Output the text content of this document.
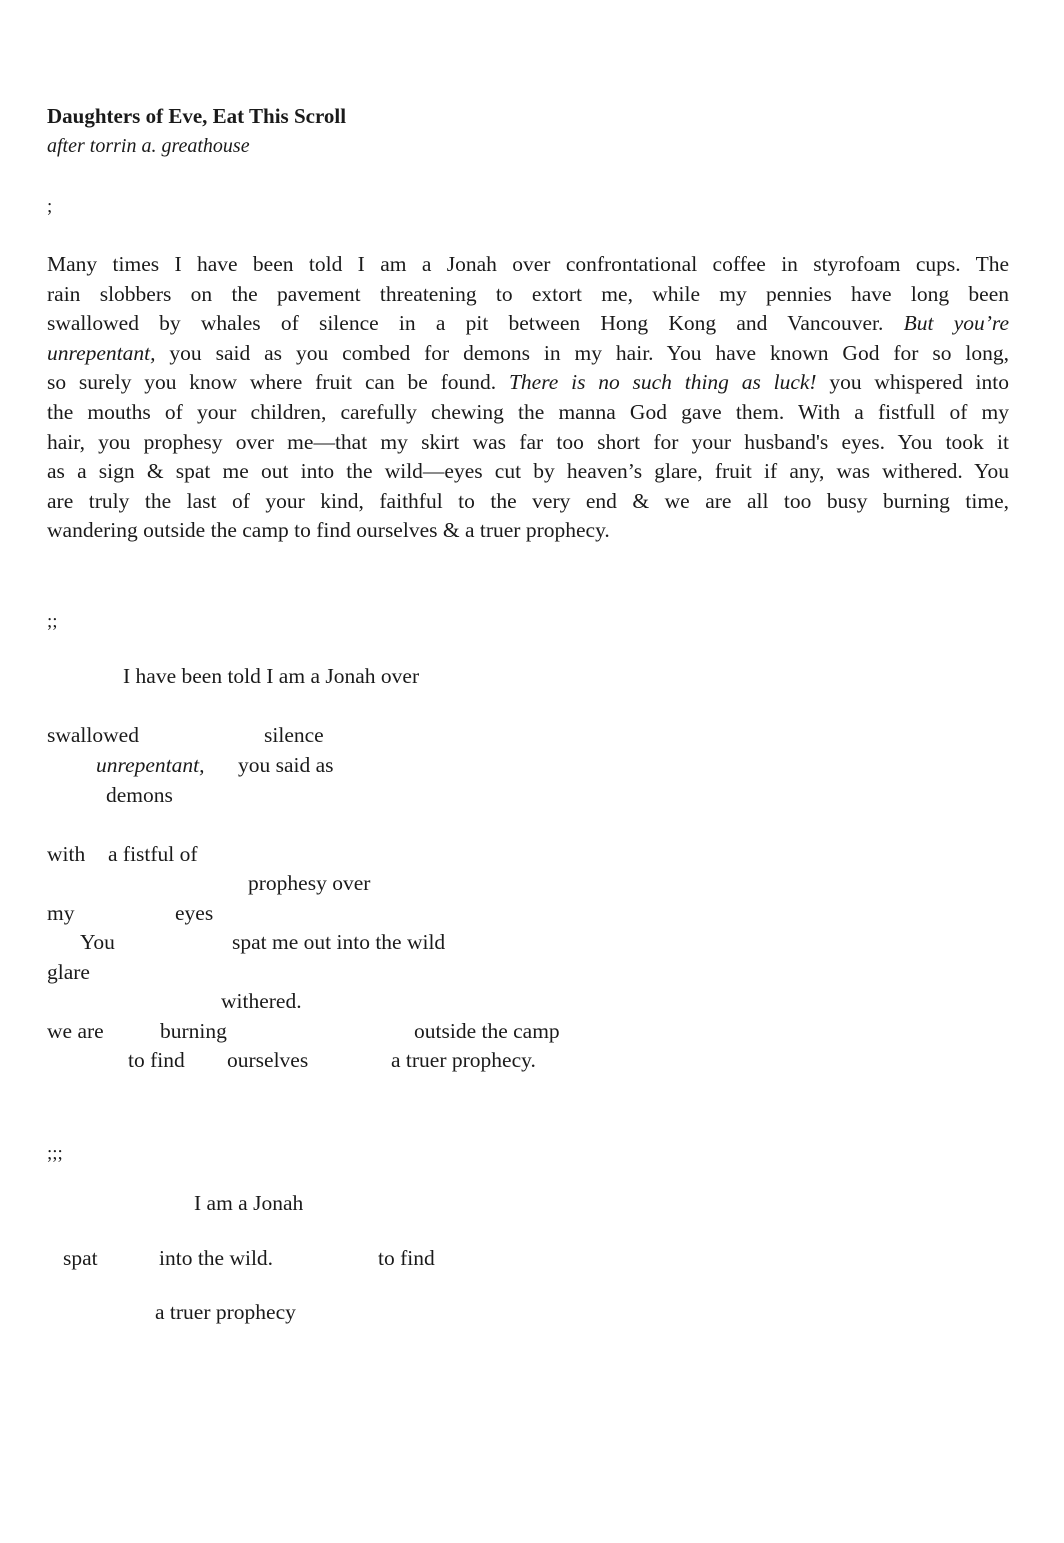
Daughters of Eve, Eat This Scroll
after torrin a. greathouse
;
Many times I have been told I am a Jonah over confrontational coffee in styrofoam cups. The
rain slobbers on the pavement threatening to extort me, while my pennies have long been
swallowed by whales of silence in a pit between Hong Kong and Vancouver. But you’re
unrepentant, you said as you combed for demons in my hair. You have known God for so long,
so surely you know where fruit can be found. There is no such thing as luck! you whispered into
the mouths of your children, carefully chewing the manna God gave them. With a fistfull of my
hair, you prophesy over me—that my skirt was far too short for your husband's eyes. You took it
as a sign & spat me out into the wild—eyes cut by heaven’s glare, fruit if any, was withered. You
are truly the last of your kind, faithful to the very end & we are all too busy burning time,
wandering outside the camp to find ourselves & a truer prophecy.
;;
I have been told I am a Jonah over
swallowed	silence
unrepentant, you said as
demons
with a fistful of
prophesy over
my	eyes
You	spat me out into the wild
glare
withered.
we are	burning	outside the camp
to find ourselves	a truer prophecy.
;;;
I am a Jonah
spat	into the wild.	to find
a truer prophecy
